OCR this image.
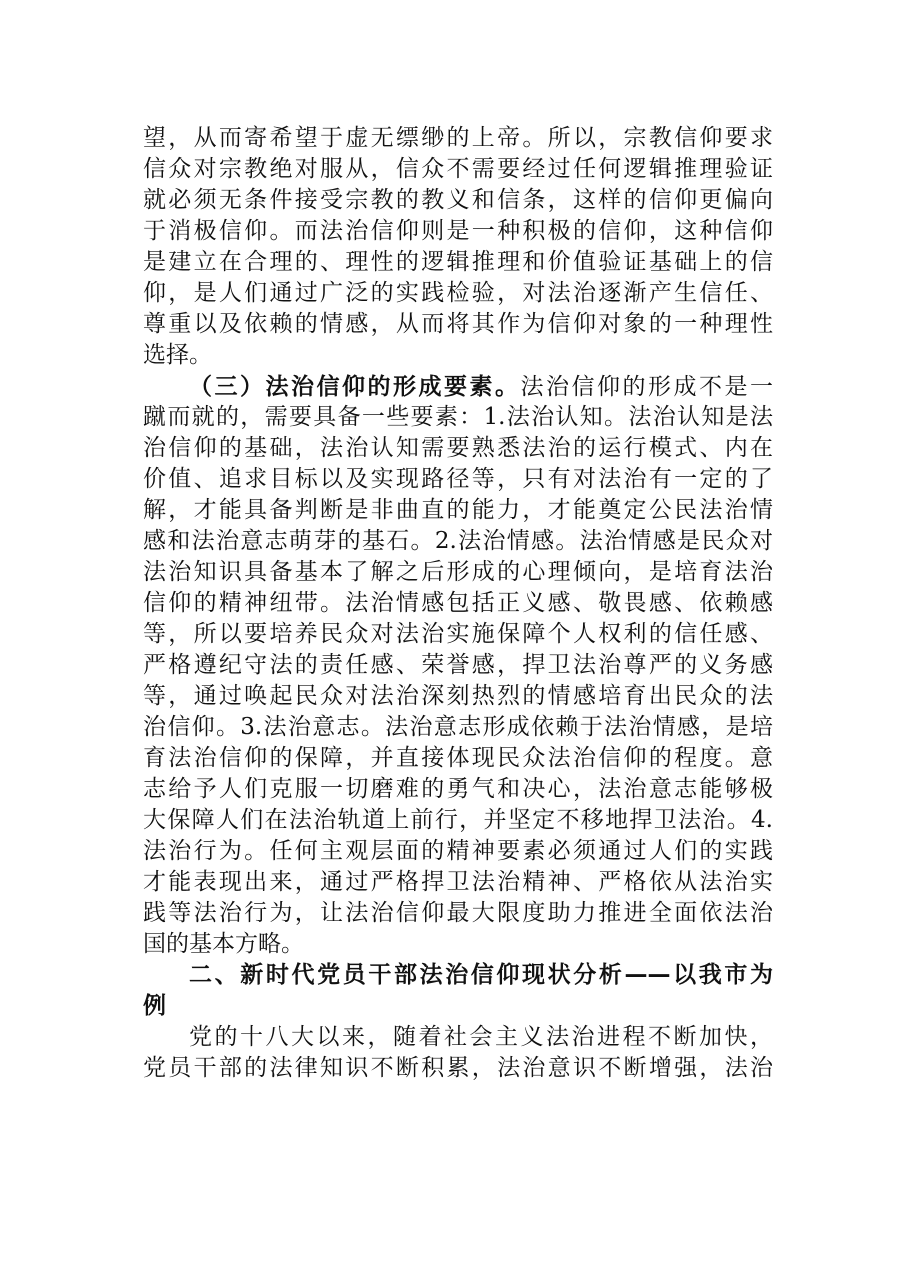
望，从而寄希望于虚无缥缈的上帝。所以，宗教信仰要求
信众对宗教绝对服从，信众不需要经过任何逻辑推理验证
就必须无条件接受宗教的教义和信条，这样的信仰更偏向
于消极信仰。而法治信仰则是一种积极的信仰，这种信仰
是建立在合理的、理性的逻辑推理和价值验证基础上的信
仰，是人们通过广泛的实践检验，对法治逐渐产生信任、
尊重以及依赖的情感，从而将其作为信仰对象的一种理性
选择。
（三）法治信仰的形成要素。法治信仰的形成不是一
蹴而就的，需要具备一些要素：1.法治认知。法治认知是法
治信仰的基础，法治认知需要熟悉法治的运行模式、内在
价值、追求目标以及实现路径等，只有对法治有一定的了
解，才能具备判断是非曲直的能力，才能奠定公民法治情
感和法治意志萌芽的基石。2.法治情感。法治情感是民众对
法治知识具备基本了解之后形成的心理倾向，是培育法治
信仰的精神纽带。法治情感包括正义感、敬畏感、依赖感
等，所以要培养民众对法治实施保障个人权利的信任感、
严格遵纪守法的责任感、荣誉感，捍卫法治尊严的义务感
等，通过唤起民众对法治深刻热烈的情感培育出民众的法
治信仰。3.法治意志。法治意志形成依赖于法治情感，是培
育法治信仰的保障，并直接体现民众法治信仰的程度。意
志给予人们克服一切磨难的勇气和决心，法治意志能够极
大保障人们在法治轨道上前行，并坚定不移地捍卫法治。4.
法治行为。任何主观层面的精神要素必须通过人们的实践
才能表现出来，通过严格捍卫法治精神、严格依从法治实
践等法治行为，让法治信仰最大限度助力推进全面依法治
国的基本方略。
二、新时代党员干部法治信仰现状分析——以我市为
例
党的十八大以来，随着社会主义法治进程不断加快，
党员干部的法律知识不断积累，法治意识不断增强，法治
